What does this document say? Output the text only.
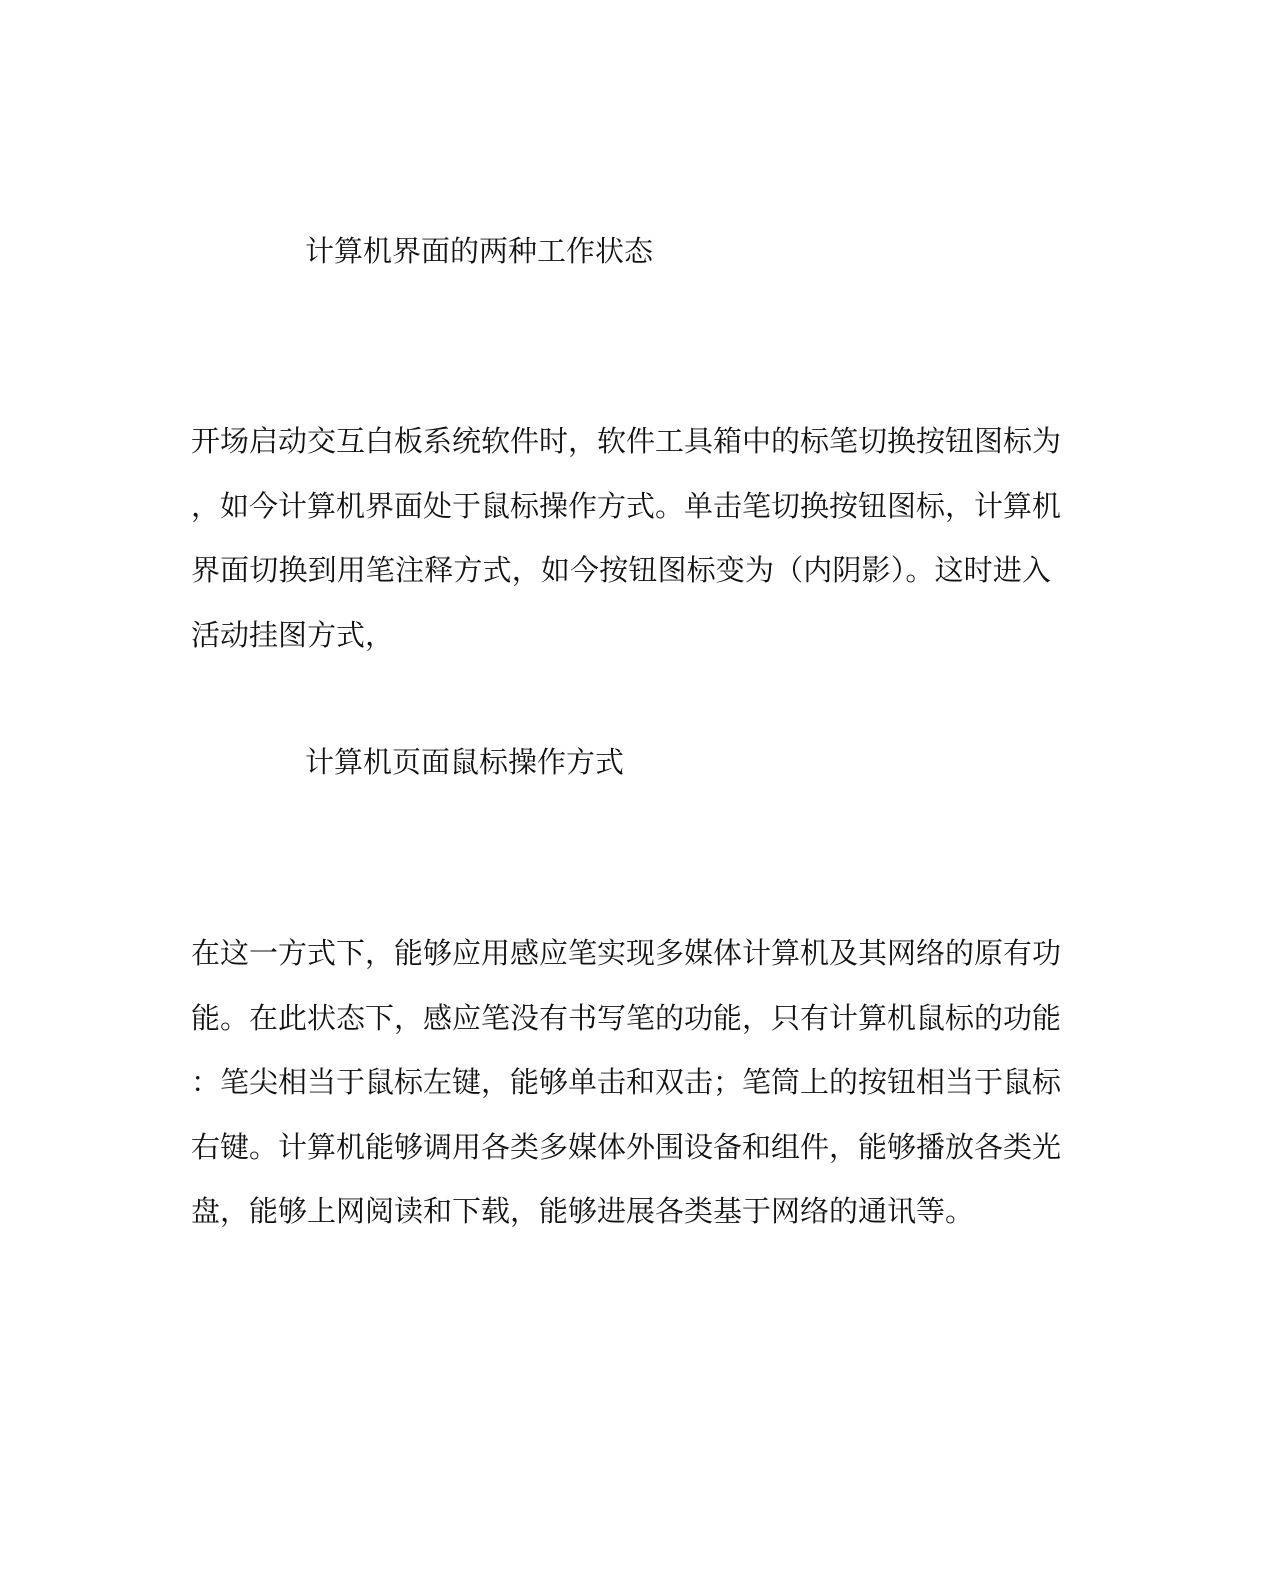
计算机界面的两种工作状态
开场启动交互白板系统软件时，软件工具箱中的标笔切换按钮图标为
，如今计算机界面处于鼠标操作方式。单击笔切换按钮图标，计算机
界面切换到用笔注释方式，如今按钮图标变为（内阴影）。这时进入
活动挂图方式，
计算机页面鼠标操作方式
在这一方式下，能够应用感应笔实现多媒体计算机及其网络的原有功
能。在此状态下，感应笔没有书写笔的功能，只有计算机鼠标的功能
：笔尖相当于鼠标左键，能够单击和双击；笔筒上的按钮相当于鼠标
右键。计算机能够调用各类多媒体外围设备和组件，能够播放各类光
盘，能够上网阅读和下载，能够进展各类基于网络的通讯等。
